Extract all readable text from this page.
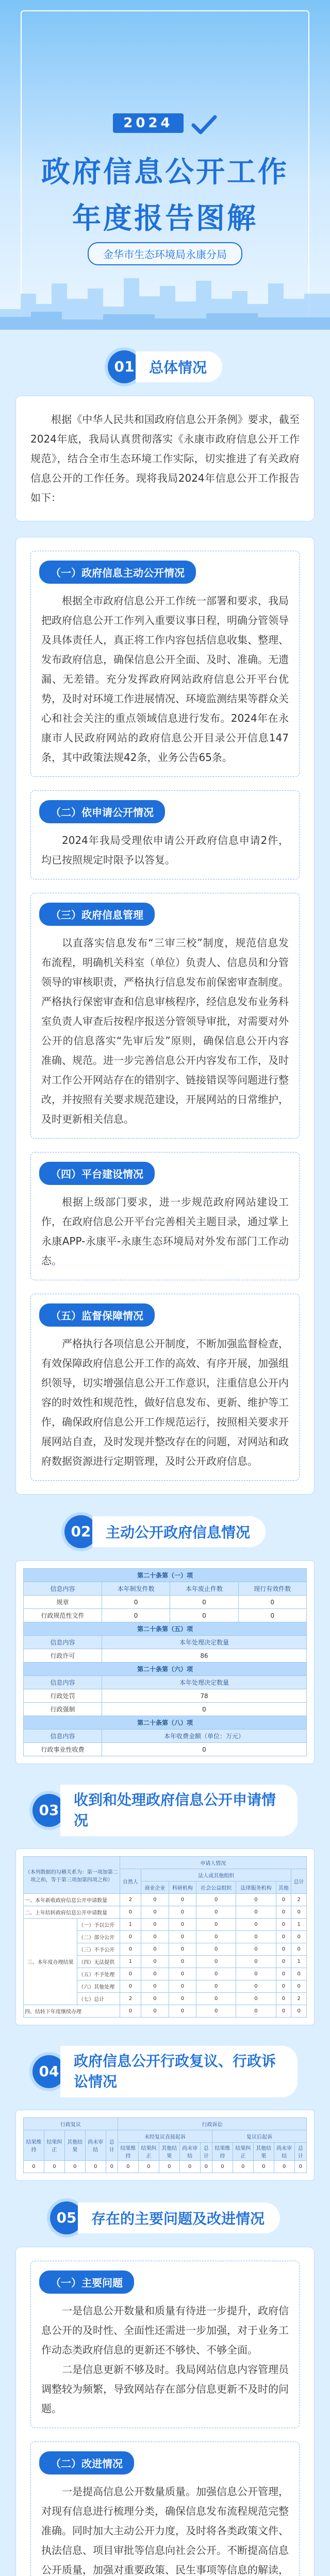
2024
政府信息公开工作
年度报告图解
金华市生态环境局永康分局
01 总体情况

根据《中华人民共和国政府信息公开条例》要求，截至2024年底，我局认真贯彻落实《永康市政府信息公开工作规范》，结合全市生态环境工作实际，切实推进了有关政府信息公开的工作任务。现将我局2024年信息公开工作报告如下：

（一）政府信息主动公开情况

根据全市政府信息公开工作统一部署和要求，我局把政府信息公开工作列入重要议事日程，明确分管领导及具体责任人，真正将工作内容包括信息收集、整理、发布政府信息，确保信息公开全面、及时、准确。无遗漏、无差错。充分发挥政府网站政府信息公开平台优势，及时对环境工作进展情况、环境监测结果等群众关心和社会关注的重点领域信息进行发布。2024年在永康市人民政府网站的政府信息公开目录公开信息147条，其中政策法规42条，业务公告65条。

（二）依申请公开情况

2024年我局受理依申请公开政府信息申请2件，均已按照规定时限予以答复。

（三）政府信息管理

以直落实信息发布“三审三校”制度，规范信息发布流程，明确机关科室（单位）负责人、信息员和分管领导的审核职责，严格执行信息发布前保密审查制度。严格执行保密审查和信息审核程序，经信息发布业务科室负责人审查后按程序报送分管领导审批，对需要对外公开的信息落实“先审后发”原则，确保信息公开内容准确、规范。进一步完善信息公开内容发布工作，及时对工作公开网站存在的错别字、链接错误等问题进行整改，并按照有关要求规范建设，开展网站的日常维护，及时更新相关信息。

（四）平台建设情况

根据上级部门要求，进一步规范政府网站建设工作，在政府信息公开平台完善相关主题目录，通过掌上永康APP-永康平-永康生态环境局对外发布部门工作动态。

（五）监督保障情况

严格执行各项信息公开制度，不断加强监督检查，有效保障政府信息公开工作的高效、有序开展，加强组织领导，切实增强信息公开工作意识，注重信息公开内容的时效性和规范性，做好信息发布、更新、维护等工作，确保政府信息公开工作规范运行，按照相关要求开展网站自查，及时发现并整改存在的问题，对网站和政府数据资源进行定期管理，及时公开政府信息。

02 主动公开政府信息情况
第二十条第（一）项			
信息内容	本年制发件数	本年废止件数	现行有效件数
规章	0	0	0
行政规范性文件	0	0	0
第二十条第（五）项			
信息内容	本年处理决定数量		
行政许可	86		
第二十条第（六）项			
信息内容	本年处理决定数量		
行政处罚	78		
行政强制	0		
第二十条第（八）项			
信息内容	本年收费金额（单位：万元）		
行政事业性收费	0		
03收到和处理政府信息公开申请情况
（本列数据的勾稽关系为：第一项加第二项之和，等于第三项加第四项之和）		申请人情况						
		自然人	法人或其他组织					总计
			商业企业	科研机构	社会公益组织	法律服务机构	其他	
一、本年新收政府信息公开申请数量		2	0	0	0	0	0	2
二、上年结转政府信息公开申请数量		0	0	0	0	0	0	0
三、本年度办理结果	（一）予以公开	1	0	0	0	0	0	1
	（二）部分公开	0	0	0	0	0	0	0
	（三）不予公开	0	0	0	0	0	0	0
	（四）无法提供	1	0	0	0	0	0	1
	（五）不予处理	0	0	0	0	0	0	0
	（六）其他处理	0	0	0	0	0	0	0
	（七）总计	2	0	0	0	0	0	2
四、结转下年度继续办理		0	0	0	0	0	0	0
04政府信息公开行政复议、行政诉讼情况
行政复议					行政诉讼									
结果维持	结果纠正	其他结果	尚未审结	总计	未经复议直接起诉					复议后起诉				
					结果维持	结果纠正	其他结果	尚未审结	总计	结果维持	结果纠正	其他结果	尚未审结	总计
0	0	0	0	0	0	0	0	0	0	0	0	0	0	0
05 存在的主要问题及改进情况
（一）主要问题

一是信息公开数量和质量有待进一步提升，政府信息公开的及时性、全面性还需进一步加强，对于业务工作动态类政府信息的更新还不够快、不够全面。

二是信息更新不够及时。我局网站信息内容管理员调整较为频繁，导致网站存在部分信息更新不及时的问题。

（二）改进情况

一是提高信息公开数量质量。加强信息公开管理，对现有信息进行梳理分类，确保信息发布流程规范完整准确。同时加大主动公开力度，及时将各类政策文件、执法信息、项目审批等信息向社会公开。不断提高信息公开质量，加强对重要政策、民生事项等信息的解读，
